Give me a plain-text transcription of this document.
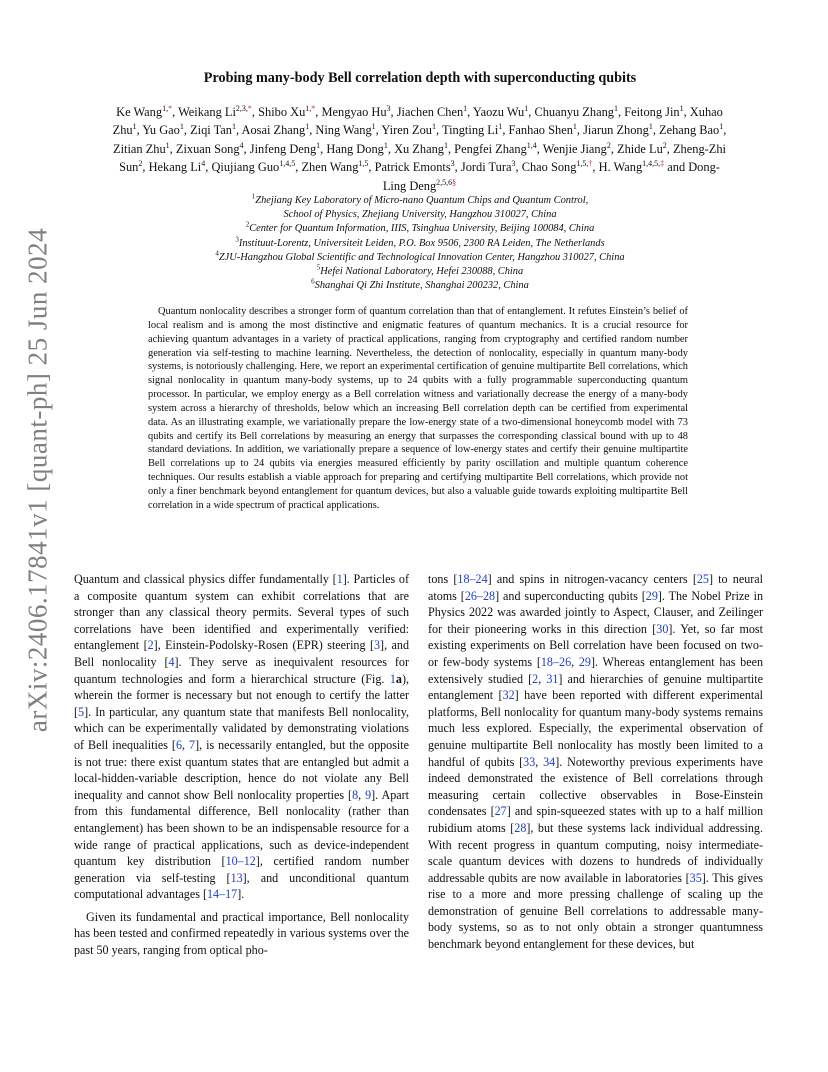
arXiv:2406.17841v1 [quant-ph] 25 Jun 2024
Probing many-body Bell correlation depth with superconducting qubits
Ke Wang$^{1,*}$, Weikang $Li^{2,3,*}$, Shibo $Xu^{1,*}$, Mengyao Hu$^3$, Jiachen Chen$^1$, Yaozu Wu$^1$, Chuanyu Zhang$^1$, Feitong Jin$^1$, Xuhao Zhu$^1$, Yu Gao$^1$, Ziqi Tan$^1$, Aosai Zhang$^1$, Ning Wang$^1$, Yiren Zou$^1$, Tingting Li$^1$, Fanhao Shen$^1$, Jiarun Zhong$^1$, Zehang Bao$^1$, Zitian Zhu$^1$, Zixuan Song$^4$, Jinfeng Deng$^1$, Hang Dong$^1$, Xu Zhang$^1$, Pengfei Zhang$^{1,4}$, Wenjie Jiang$^2$, Zhide Lu$^2$, Zheng-Zhi Sun$^2$, Hekang Li$^4$, Qiujiang Guo$^{1,4,5}$, Zhen Wang$^{1,5}$, Patrick Emonts$^3$, Jordi Tura$^3$, Chao Song$^{1,5,\dagger}$, H. Wang$^{1,4,5,\ddagger}$ and Dong-Ling Deng$^{2,5,6\S}$
$^1$Zhejiang Key Laboratory of Micro-nano Quantum Chips and Quantum Control,
School of Physics, Zhejiang University, Hangzhou 310027, China
$^2$Center for Quantum Information, IIIS, Tsinghua University, Beijing 100084, China
$^3$Instituut-Lorentz, Universiteit Leiden, P.O. Box 9506, 2300 RA Leiden, The Netherlands
$^4$ZJU-Hangzhou Global Scientific and Technological Innovation Center, Hangzhou 310027, China
$^5$Hefei National Laboratory, Hefei 230088, China
$^6$Shanghai Qi Zhi Institute, Shanghai 200232, China
Quantum nonlocality describes a stronger form of quantum correlation than that of entanglement. It refutes Einstein’s belief of local realism and is among the most distinctive and enigmatic features of quantum mechanics. It is a crucial resource for achieving quantum advantages in a variety of practical applications, ranging from cryptography and certified random number generation via self-testing to machine learning. Nevertheless, the detection of nonlocality, especially in quantum many-body systems, is notoriously challenging. Here, we report an experimental certification of genuine multipartite Bell correlations, which signal nonlocality in quantum many-body systems, up to 24 qubits with a fully programmable superconducting quantum processor. In particular, we employ energy as a Bell correlation witness and variationally decrease the energy of a many-body system across a hierarchy of thresholds, below which an increasing Bell correlation depth can be certified from experimental data. As an illustrating example, we variationally prepare the low-energy state of a two-dimensional honeycomb model with 73 qubits and certify its Bell correlations by measuring an energy that surpasses the corresponding classical bound with up to 48 standard deviations. In addition, we variationally prepare a sequence of low-energy states and certify their genuine multipartite Bell correlations up to 24 qubits via energies measured efficiently by parity oscillation and multiple quantum coherence techniques. Our results establish a viable approach for preparing and certifying multipartite Bell correlations, which provide not only a finer benchmark beyond entanglement for quantum devices, but also a valuable guide towards exploiting multipartite Bell correlation in a wide spectrum of practical applications.

Quantum and classical physics differ fundamentally [1]. Particles of a composite quantum system can exhibit correlations that are stronger than any classical theory permits. Several types of such correlations have been identified and experimentally verified: entanglement [2], Einstein-Podolsky-Rosen (EPR) steering [3], and Bell nonlocality [4]. They serve as inequivalent resources for quantum technologies and form a hierarchical structure (Fig. 1a), wherein the former is necessary but not enough to certify the latter [5]. In particular, any quantum state that manifests Bell nonlocality, which can be experimentally validated by demonstrating violations of Bell inequalities [6, 7], is necessarily entangled, but the opposite is not true: there exist quantum states that are entangled but admit a local-hidden-variable description, hence do not violate any Bell inequality and cannot show Bell nonlocality properties [8, 9]. Apart from this fundamental difference, Bell nonlocality (rather than entanglement) has been shown to be an indispensable resource for a wide range of practical applications, such as device-independent quantum key distribution [10–12], certified random number generation via self-testing [13], and unconditional quantum computational advantages [14–17].

Given its fundamental and practical importance, Bell nonlocality has been tested and confirmed repeatedly in various systems over the past 50 years, ranging from optical pho-

tons [18–24] and spins in nitrogen-vacancy centers [25] to neural atoms [26–28] and superconducting qubits [29]. The Nobel Prize in Physics 2022 was awarded jointly to Aspect, Clauser, and Zeilinger for their pioneering works in this direction [30]. Yet, so far most existing experiments on Bell correlation have been focused on two- or few-body systems [18–26, 29]. Whereas entanglement has been extensively studied [2, 31] and hierarchies of genuine multipartite entanglement [32] have been reported with different experimental platforms, Bell nonlocality for quantum many-body systems remains much less explored. Especially, the experimental observation of genuine multipartite Bell nonlocality has mostly been limited to a handful of qubits [33, 34]. Noteworthy previous experiments have indeed demonstrated the existence of Bell correlations through measuring certain collective observables in Bose-Einstein condensates [27] and spin-squeezed states with up to a half million rubidium atoms [28], but these systems lack individual addressing. With recent progress in quantum computing, noisy intermediate-scale quantum devices with dozens to hundreds of individually addressable qubits are now available in laboratories [35]. This gives rise to a more and more pressing challenge of scaling up the demonstration of genuine Bell correlations to addressable many-body systems, so as to not only obtain a stronger quantumness benchmark beyond entanglement for these devices, but
